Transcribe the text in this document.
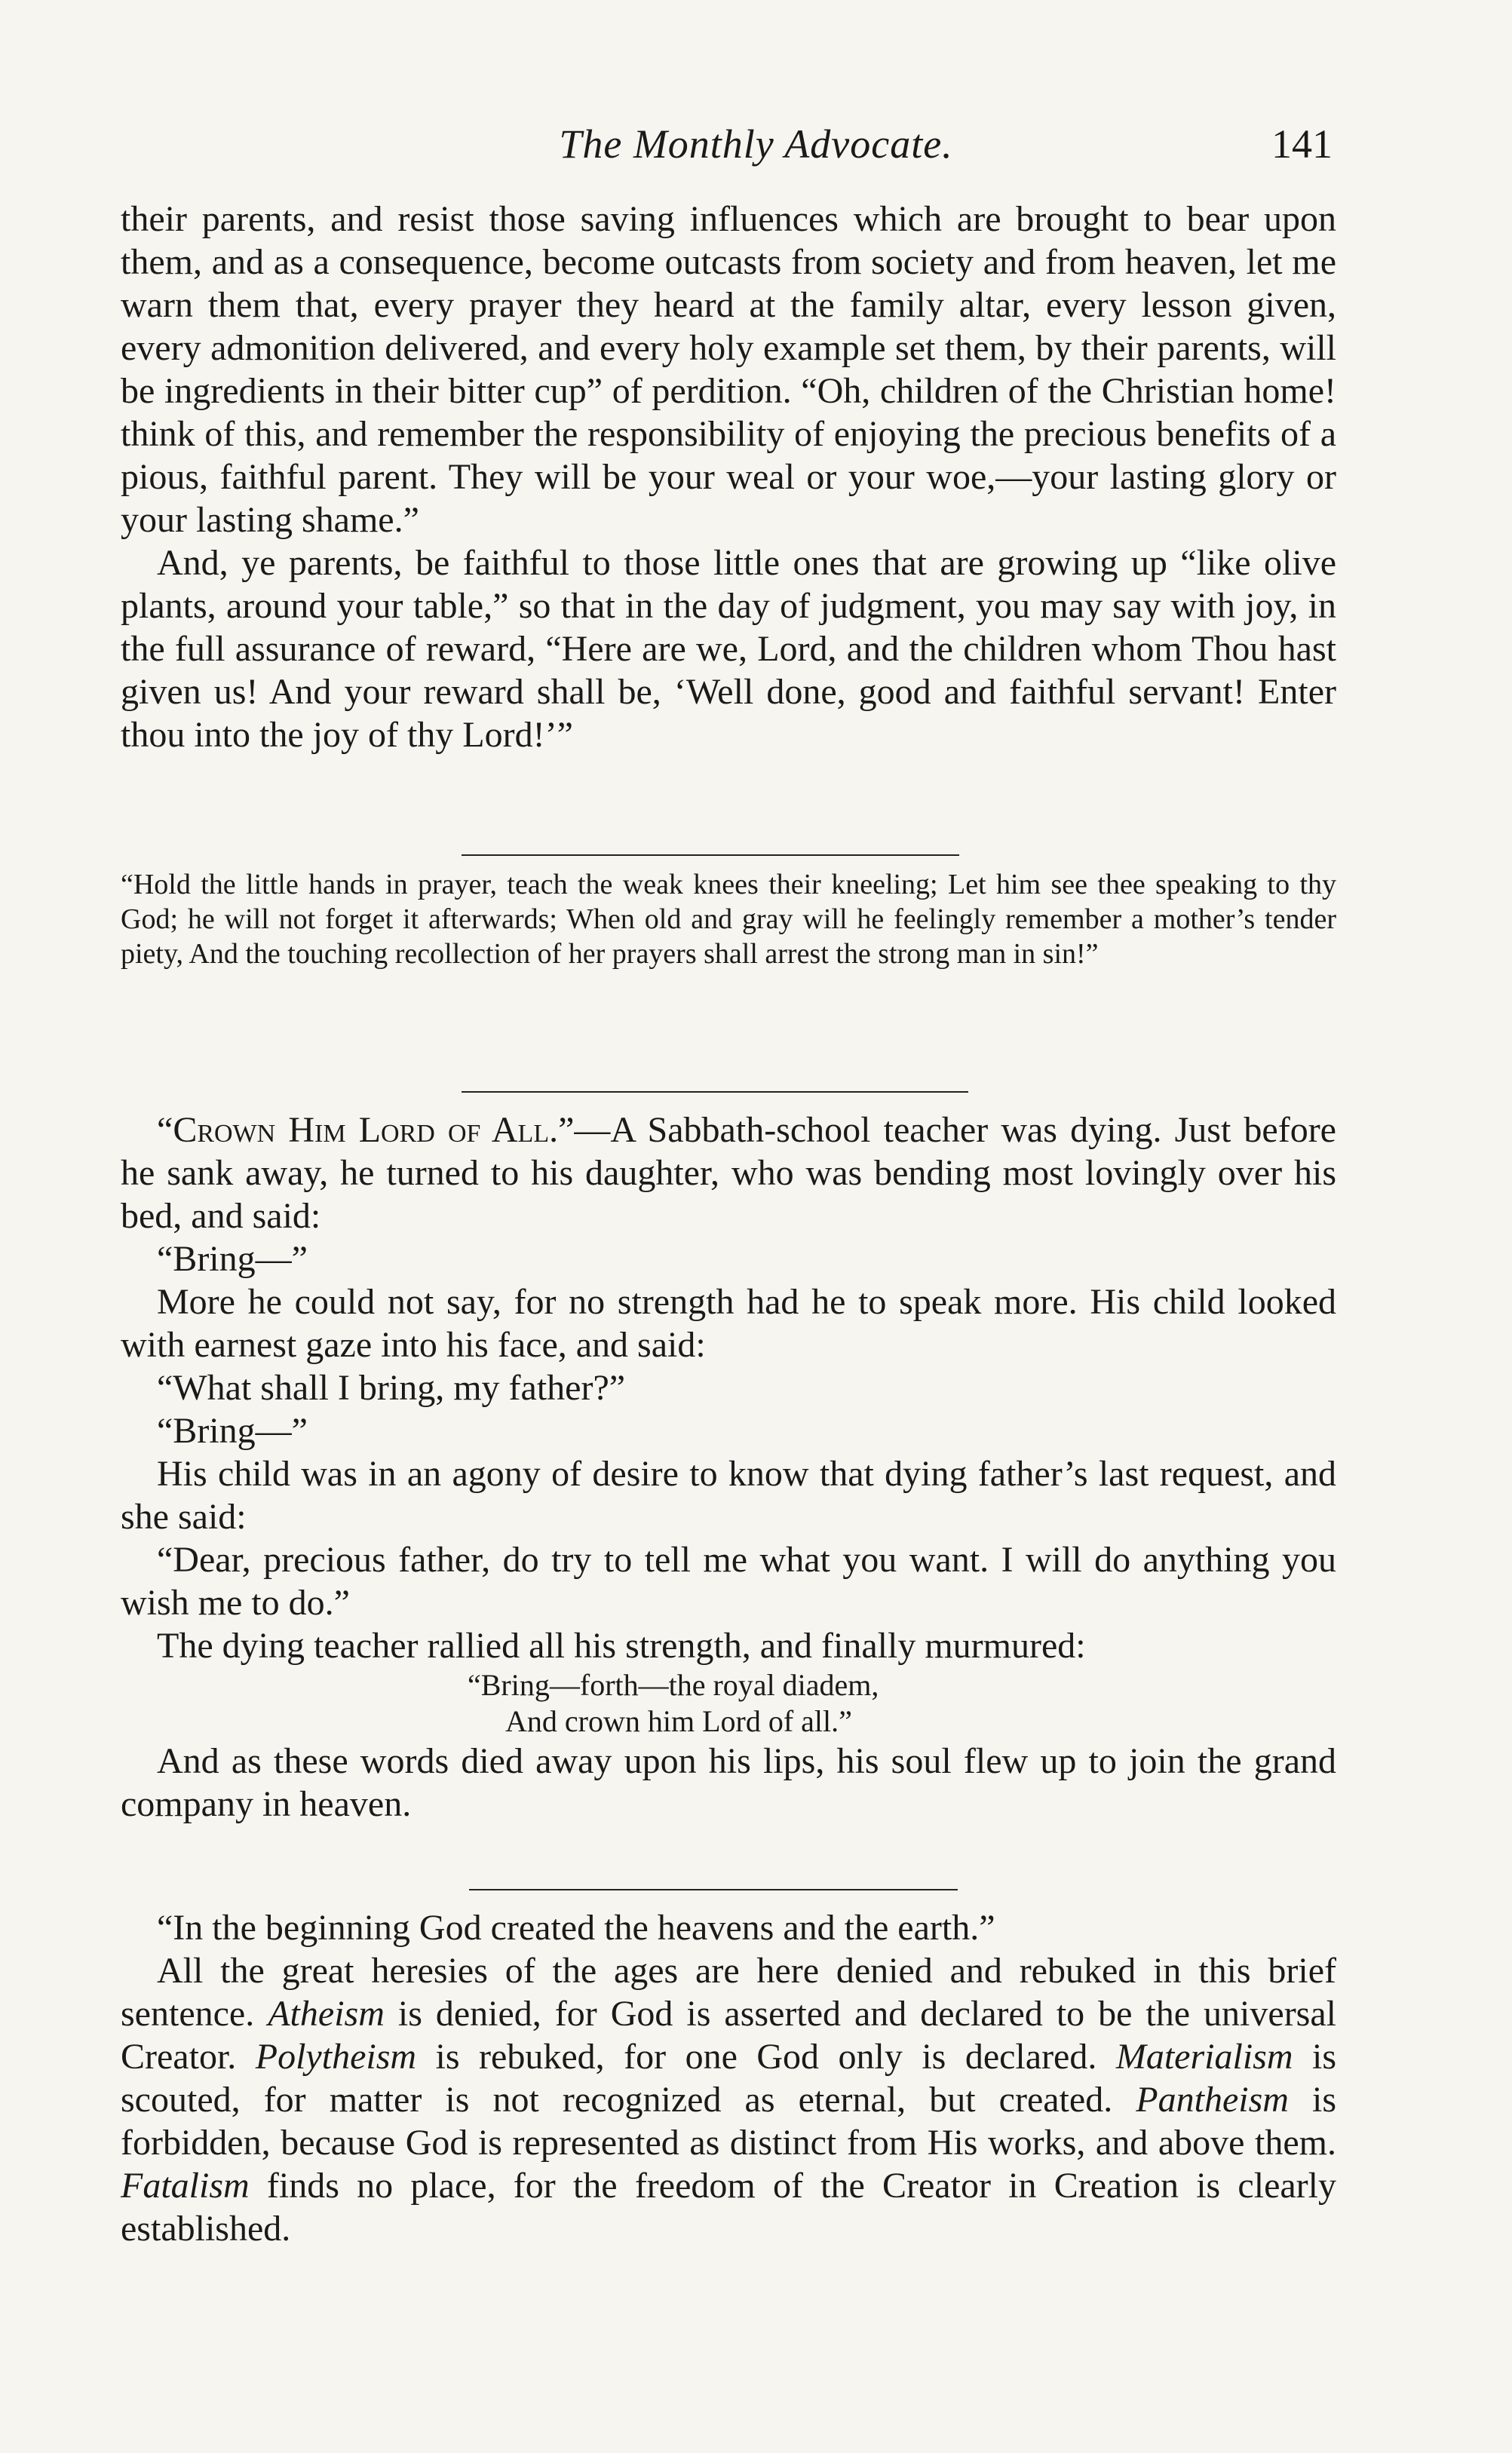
The Monthly Advocate.	141

their parents, and resist those saving influences which are brought to bear upon them, and as a consequence, become outcasts from society and from heaven, let me warn them that, every prayer they heard at the family altar, every lesson given, every admonition delivered, and every holy example set them, by their parents, will be ingredients in their bitter cup” of perdition. “Oh, children of the Christian home! think of this, and remember the responsibility of enjoying the precious benefits of a pious, faithful parent. They will be your weal or your woe,—your lasting glory or your lasting shame.”

And, ye parents, be faithful to those little ones that are growing up “like olive plants, around your table,” so that in the day of judgment, you may say with joy, in the full assurance of reward, “Here are we, Lord, and the children whom Thou hast given us! And your reward shall be, ‘Well done, good and faithful servant! Enter thou into the joy of thy Lord!’”

“Hold the little hands in prayer, teach the weak knees their kneeling; Let him see thee speaking to thy God; he will not forget it afterwards; When old and gray will he feelingly remember a mother’s tender piety, And the touching recollection of her prayers shall arrest the strong man in sin!”

“Crown Him Lord of All.”—A Sabbath-school teacher was dying. Just before he sank away, he turned to his daughter, who was bending most lovingly over his bed, and said:

“Bring—”

More he could not say, for no strength had he to speak more. His child looked with earnest gaze into his face, and said:

“What shall I bring, my father?”

“Bring—”

His child was in an agony of desire to know that dying father’s last request, and she said:

“Dear, precious father, do try to tell me what you want. I will do anything you wish me to do.”

The dying teacher rallied all his strength, and finally murmured:

“Bring—forth—the royal diadem,
And crown him Lord of all.”

And as these words died away upon his lips, his soul flew up to join the grand company in heaven.

“In the beginning God created the heavens and the earth.”

All the great heresies of the ages are here denied and rebuked in this brief sentence. Atheism is denied, for God is asserted and declared to be the universal Creator. Polytheism is rebuked, for one God only is declared. Materialism is scouted, for matter is not recognized as eternal, but created. Pantheism is forbidden, because God is represented as distinct from His works, and above them. Fatalism finds no place, for the freedom of the Creator in Creation is clearly established.
